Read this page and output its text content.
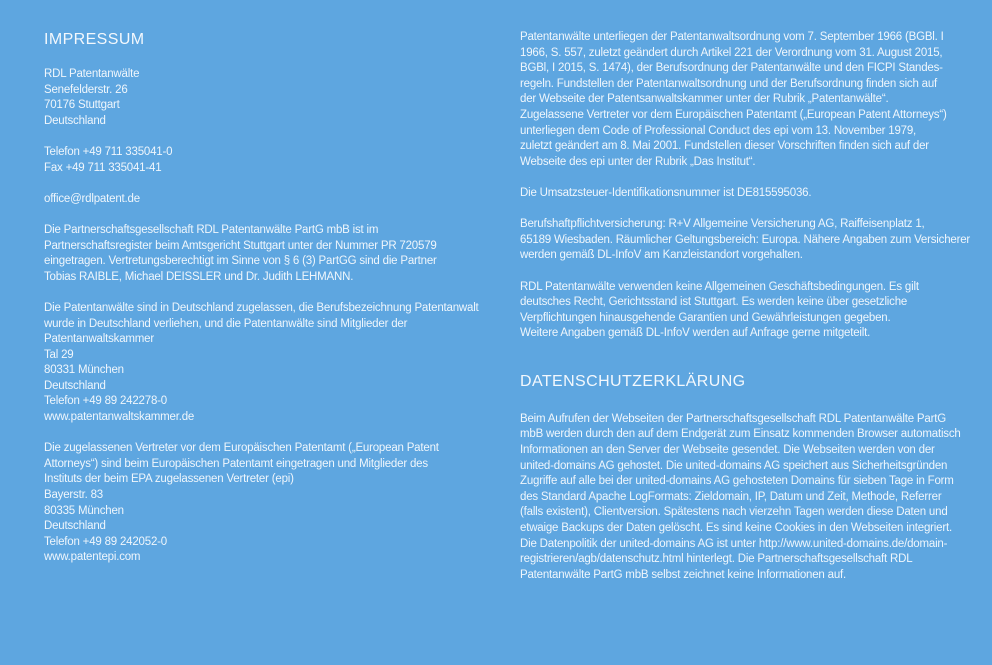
IMPRESSUM

RDL Patentanwälte
Senefelderstr. 26
70176 Stuttgart
Deutschland

Telefon +49 711 335041-0
Fax +49 711 335041-41

office@rdlpatent.de

Die Partnerschaftsgesellschaft RDL Patentanwälte PartG mbB ist im
Partnerschaftsregister beim Amtsgericht Stuttgart unter der Nummer PR 720579
eingetragen. Vertretungsberechtigt im Sinne von § 6 (3) PartGG sind die Partner
Tobias RAIBLE, Michael DEISSLER und Dr. Judith LEHMANN.

Die Patentanwälte sind in Deutschland zugelassen, die Berufsbezeichnung Patentanwalt
wurde in Deutschland verliehen, und die Patentanwälte sind Mitglieder der
Patentanwaltskammer
Tal 29
80331 München
Deutschland
Telefon +49 89 242278-0
www.patentanwaltskammer.de

Die zugelassenen Vertreter vor dem Europäischen Patentamt („European Patent
Attorneys“) sind beim Europäischen Patentamt eingetragen und Mitglieder des
Instituts der beim EPA zugelassenen Vertreter (epi)
Bayerstr. 83
80335 München
Deutschland
Telefon +49 89 242052-0
www.patentepi.com

Patentanwälte unterliegen der Patentanwaltsordnung vom 7. September 1966 (BGBl. I
1966, S. 557, zuletzt geändert durch Artikel 221 der Verordnung vom 31. August 2015,
BGBl, I 2015, S. 1474), der Berufsordnung der Patentanwälte und den FICPI Standes-
regeln. Fundstellen der Patentanwaltsordnung und der Berufsordnung finden sich auf
der Webseite der Patentsanwaltskammer unter der Rubrik „Patentanwälte“.
Zugelassene Vertreter vor dem Europäischen Patentamt („European Patent Attorneys“)
unterliegen dem Code of Professional Conduct des epi vom 13. November 1979,
zuletzt geändert am 8. Mai 2001. Fundstellen dieser Vorschriften finden sich auf der
Webseite des epi unter der Rubrik „Das Institut“.

Die Umsatzsteuer-Identifikationsnummer ist DE815595036.

Berufshaftpflichtversicherung: R+V Allgemeine Versicherung AG, Raiffeisenplatz 1,
65189 Wiesbaden. Räumlicher Geltungsbereich: Europa. Nähere Angaben zum Versicherer
werden gemäß DL-InfoV am Kanzleistandort vorgehalten.

RDL Patentanwälte verwenden keine Allgemeinen Geschäftsbedingungen. Es gilt
deutsches Recht, Gerichtsstand ist Stuttgart. Es werden keine über gesetzliche
Verpflichtungen hinausgehende Garantien und Gewährleistungen gegeben.
Weitere Angaben gemäß DL-InfoV werden auf Anfrage gerne mitgeteilt.

DATENSCHUTZERKLÄRUNG

Beim Aufrufen der Webseiten der Partnerschaftsgesellschaft RDL Patentanwälte PartG
mbB werden durch den auf dem Endgerät zum Einsatz kommenden Browser automatisch
Informationen an den Server der Webseite gesendet. Die Webseiten werden von der
united-domains AG gehostet. Die united-domains AG speichert aus Sicherheitsgründen
Zugriffe auf alle bei der united-domains AG gehosteten Domains für sieben Tage in Form
des Standard Apache LogFormats: Zieldomain, IP, Datum und Zeit, Methode, Referrer
(falls existent), Clientversion. Spätestens nach vierzehn Tagen werden diese Daten und
etwaige Backups der Daten gelöscht. Es sind keine Cookies in den Webseiten integriert.
Die Datenpolitik der united-domains AG ist unter http://www.united-domains.de/domain-
registrieren/agb/datenschutz.html hinterlegt. Die Partnerschaftsgesellschaft RDL
Patentanwälte PartG mbB selbst zeichnet keine Informationen auf.
